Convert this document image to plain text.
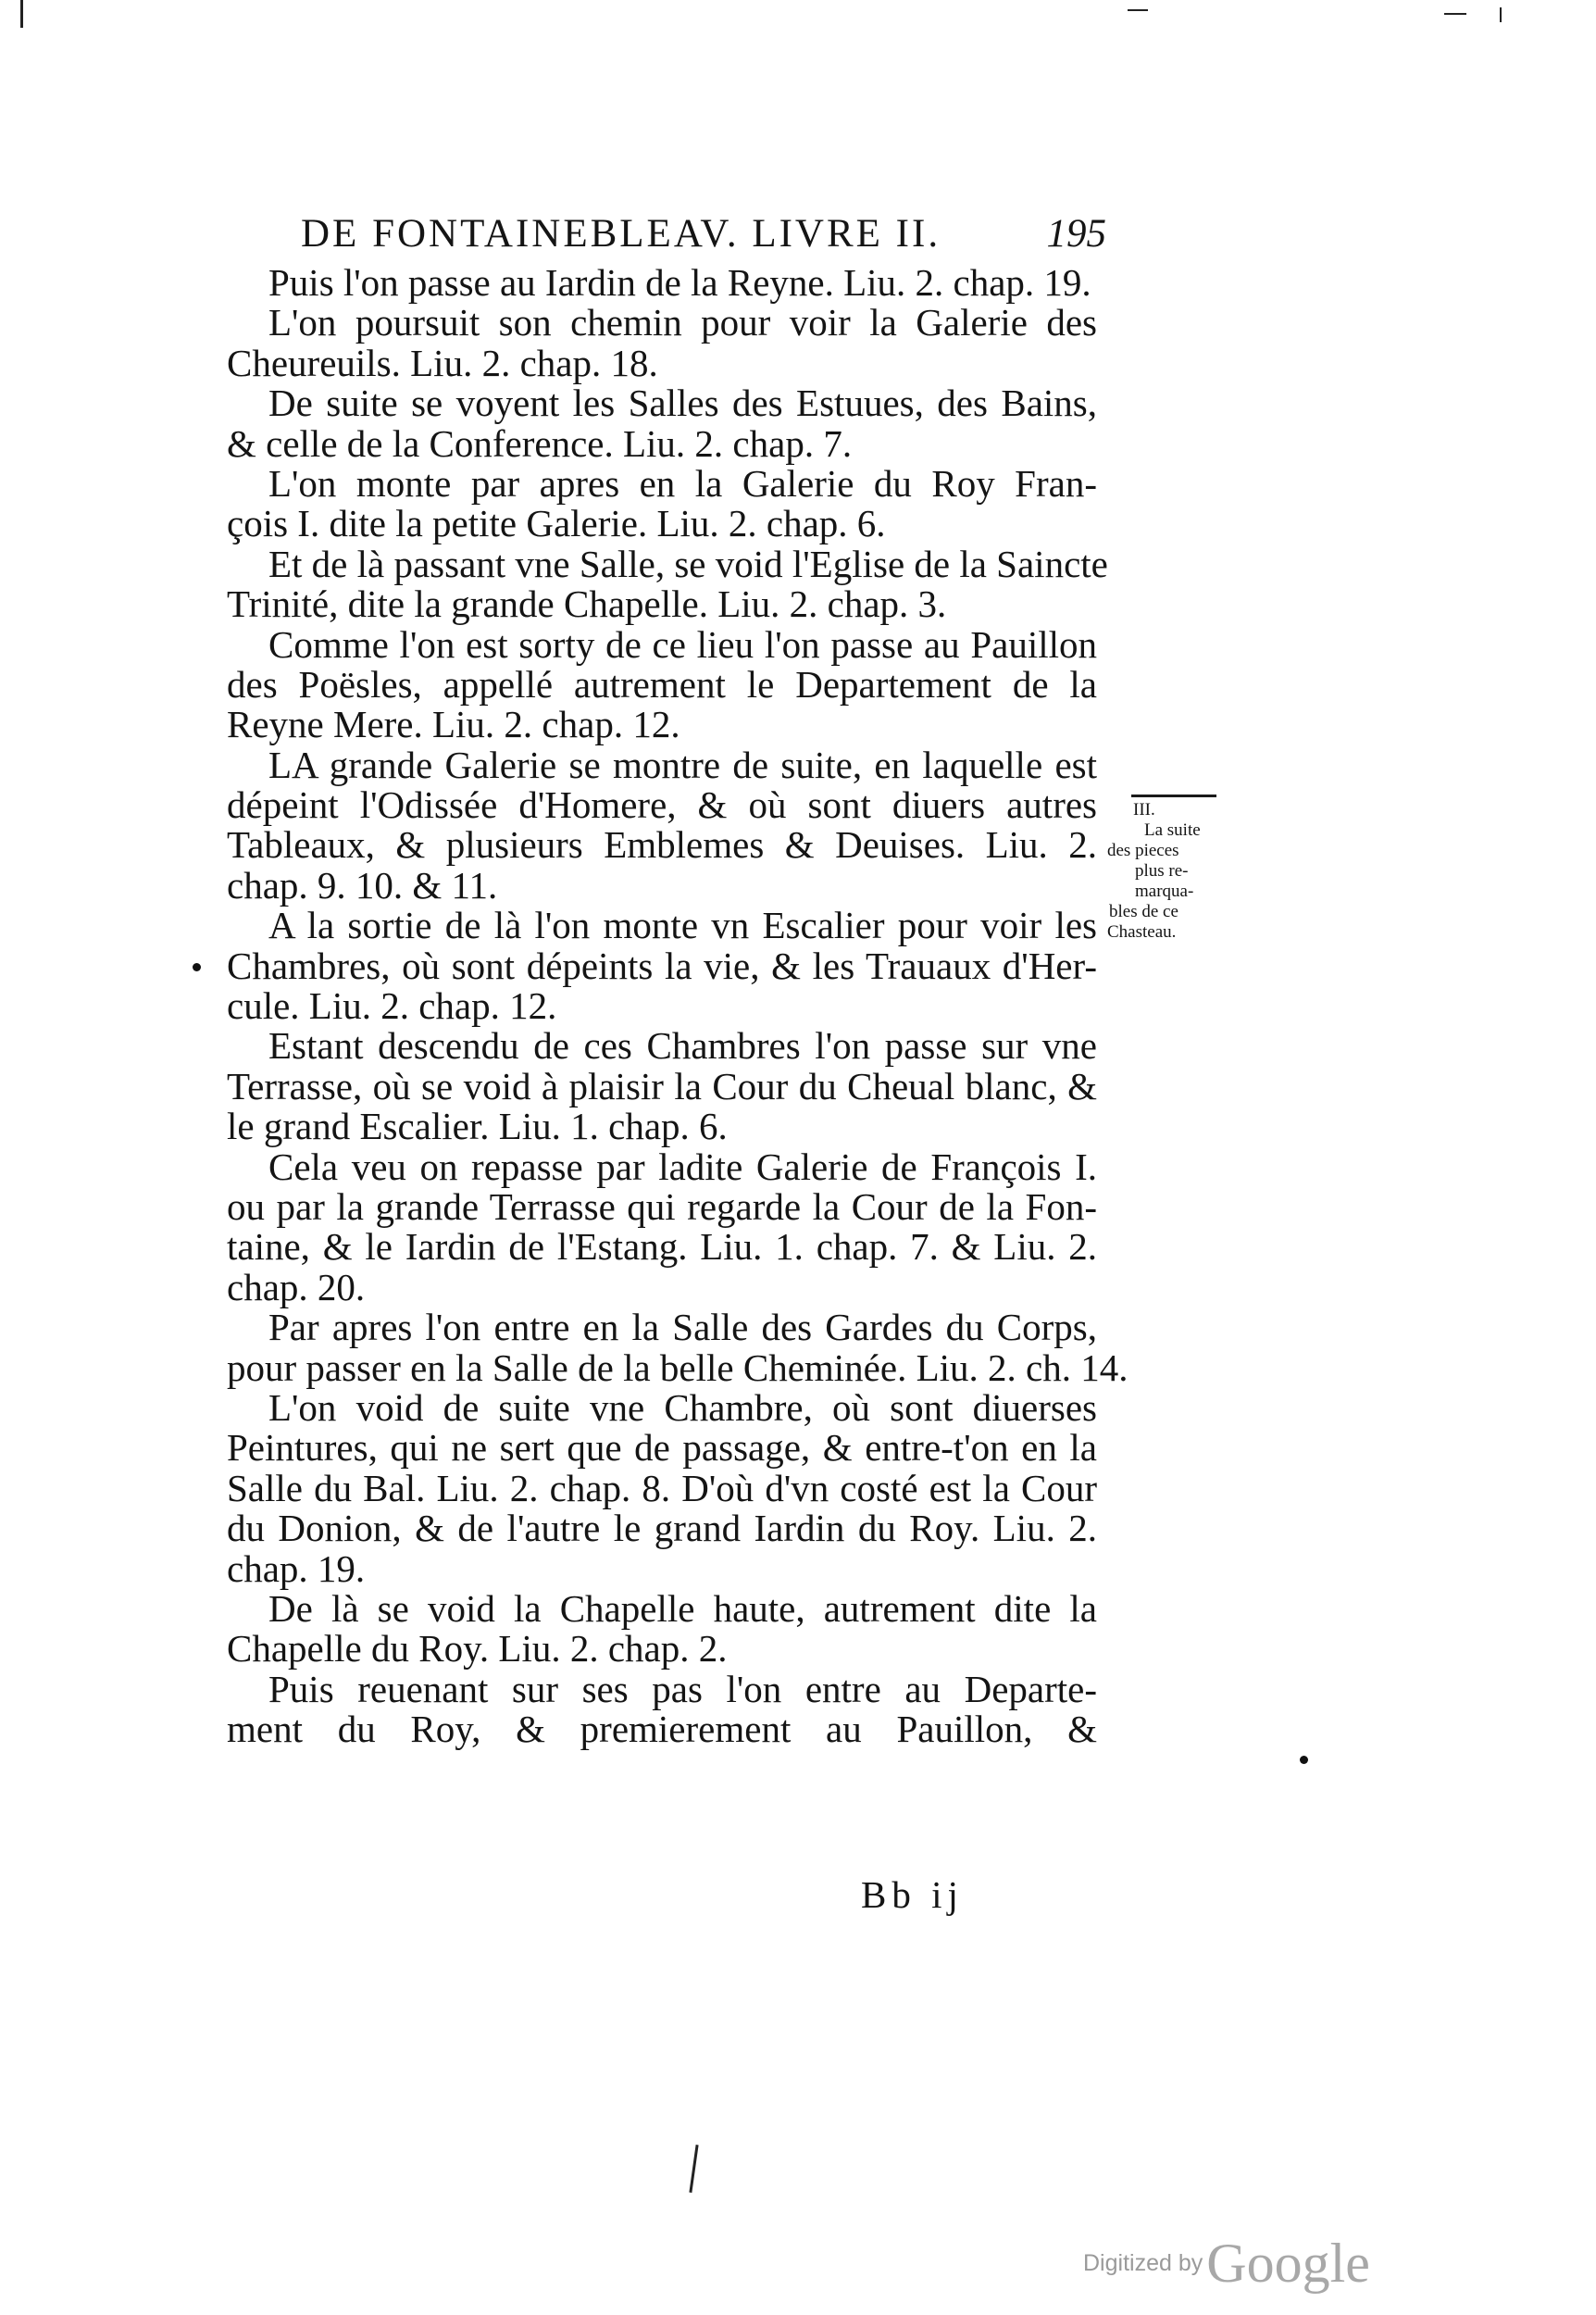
DE FONTAINEBLEAV. LIVRE II.	195
Puis l'on passe au Iardin de la Reyne. Liu. 2. chap. 19.
L'on poursuit son chemin pour voir la Galerie des
Cheureuils. Liu. 2. chap. 18.
De suite se voyent les Salles des Estuues, des Bains,
& celle de la Conference. Liu. 2. chap. 7.
L'on monte par apres en la Galerie du Roy Fran-
çois I. dite la petite Galerie. Liu. 2. chap. 6.
Et de là passant vne Salle, se void l'Eglise de la Saincte
Trinité, dite la grande Chapelle. Liu. 2. chap. 3.
Comme l'on est sorty de ce lieu l'on passe au Pauillon
des Poësles, appellé autrement le Departement de la
Reyne Mere. Liu. 2. chap. 12.
LA grande Galerie se montre de suite, en laquelle est
dépeint l'Odissée d'Homere, & où sont diuers autres
Tableaux, & plusieurs Emblemes & Deuises. Liu. 2.
chap. 9. 10. & 11.
A la sortie de là l'on monte vn Escalier pour voir les
Chambres, où sont dépeints la vie, & les Trauaux d'Her-
cule. Liu. 2. chap. 12.
Estant descendu de ces Chambres l'on passe sur vne
Terrasse, où se void à plaisir la Cour du Cheual blanc, &
le grand Escalier. Liu. 1. chap. 6.
Cela veu on repasse par ladite Galerie de François I.
ou par la grande Terrasse qui regarde la Cour de la Fon-
taine, & le Iardin de l'Estang. Liu. 1. chap. 7. & Liu. 2.
chap. 20.
Par apres l'on entre en la Salle des Gardes du Corps,
pour passer en la Salle de la belle Cheminée. Liu. 2. ch. 14.
L'on void de suite vne Chambre, où sont diuerses
Peintures, qui ne sert que de passage, & entre-t'on en la
Salle du Bal. Liu. 2. chap. 8. D'où d'vn costé est la Cour
du Donion, & de l'autre le grand Iardin du Roy. Liu. 2.
chap. 19.
De là se void la Chapelle haute, autrement dite la
Chapelle du Roy. Liu. 2. chap. 2.
Puis reuenant sur ses pas l'on entre au Departe-
ment du Roy, & premierement au Pauillon, &
III.
La suite
des pieces
plus re-
marqua-
bles de ce
Chasteau.
Bb ij
Digitized by Google
